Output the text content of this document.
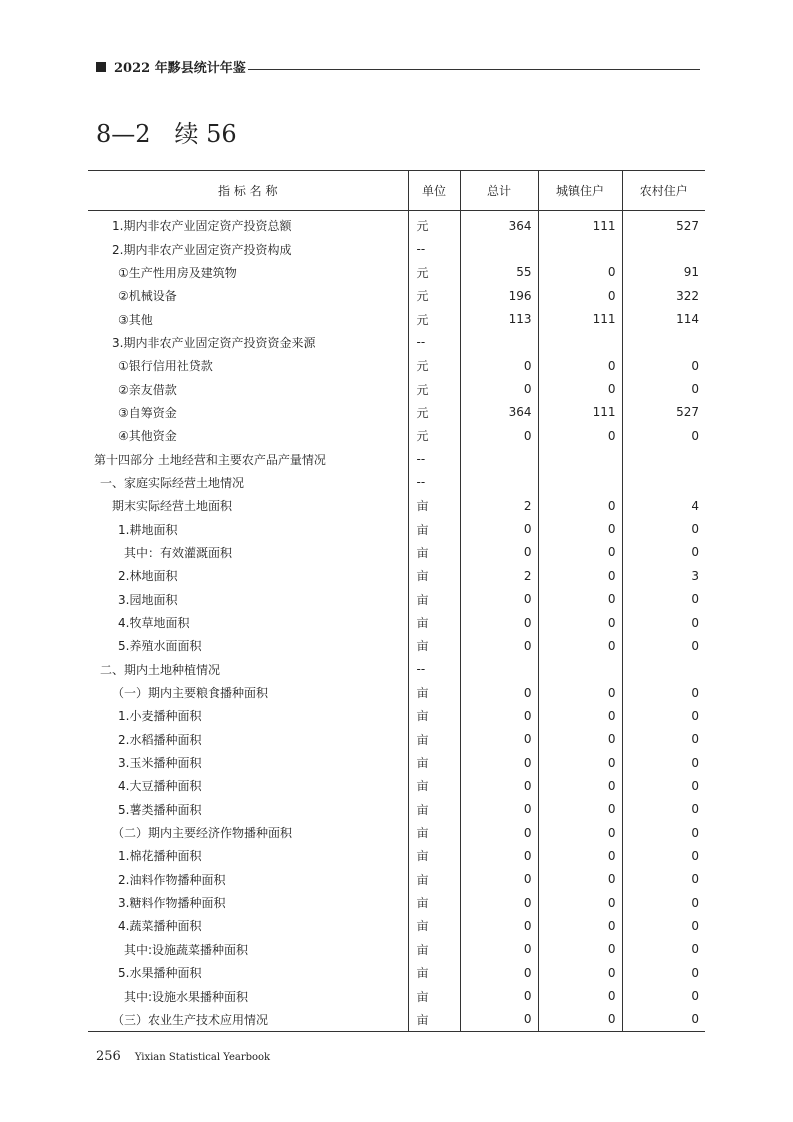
2022 年黟县统计年鉴
8—2　续 56
指 标 名 称	单位	总计	城镇住户	农村住户
1.期内非农产业固定资产投资总额	元	364	111	527
2.期内非农产业固定资产投资构成	--			
①生产性用房及建筑物	元	55	0	91
②机械设备	元	196	0	322
③其他	元	113	111	114
3.期内非农产业固定资产投资资金来源	--			
①银行信用社贷款	元	0	0	0
②亲友借款	元	0	0	0
③自筹资金	元	364	111	527
④其他资金	元	0	0	0
第十四部分 土地经营和主要农产品产量情况	--			
一、家庭实际经营土地情况	--			
期末实际经营土地面积	亩	2	0	4
1.耕地面积	亩	0	0	0
其中：有效灌溉面积	亩	0	0	0
2.林地面积	亩	2	0	3
3.园地面积	亩	0	0	0
4.牧草地面积	亩	0	0	0
5.养殖水面面积	亩	0	0	0
二、期内土地种植情况	--			
（一）期内主要粮食播种面积	亩	0	0	0
1.小麦播种面积	亩	0	0	0
2.水稻播种面积	亩	0	0	0
3.玉米播种面积	亩	0	0	0
4.大豆播种面积	亩	0	0	0
5.薯类播种面积	亩	0	0	0
（二）期内主要经济作物播种面积	亩	0	0	0
1.棉花播种面积	亩	0	0	0
2.油料作物播种面积	亩	0	0	0
3.糖料作物播种面积	亩	0	0	0
4.蔬菜播种面积	亩	0	0	0
其中:设施蔬菜播种面积	亩	0	0	0
5.水果播种面积	亩	0	0	0
其中:设施水果播种面积	亩	0	0	0
（三）农业生产技术应用情况	亩	0	0	0
256 Yixian Statistical Yearbook
